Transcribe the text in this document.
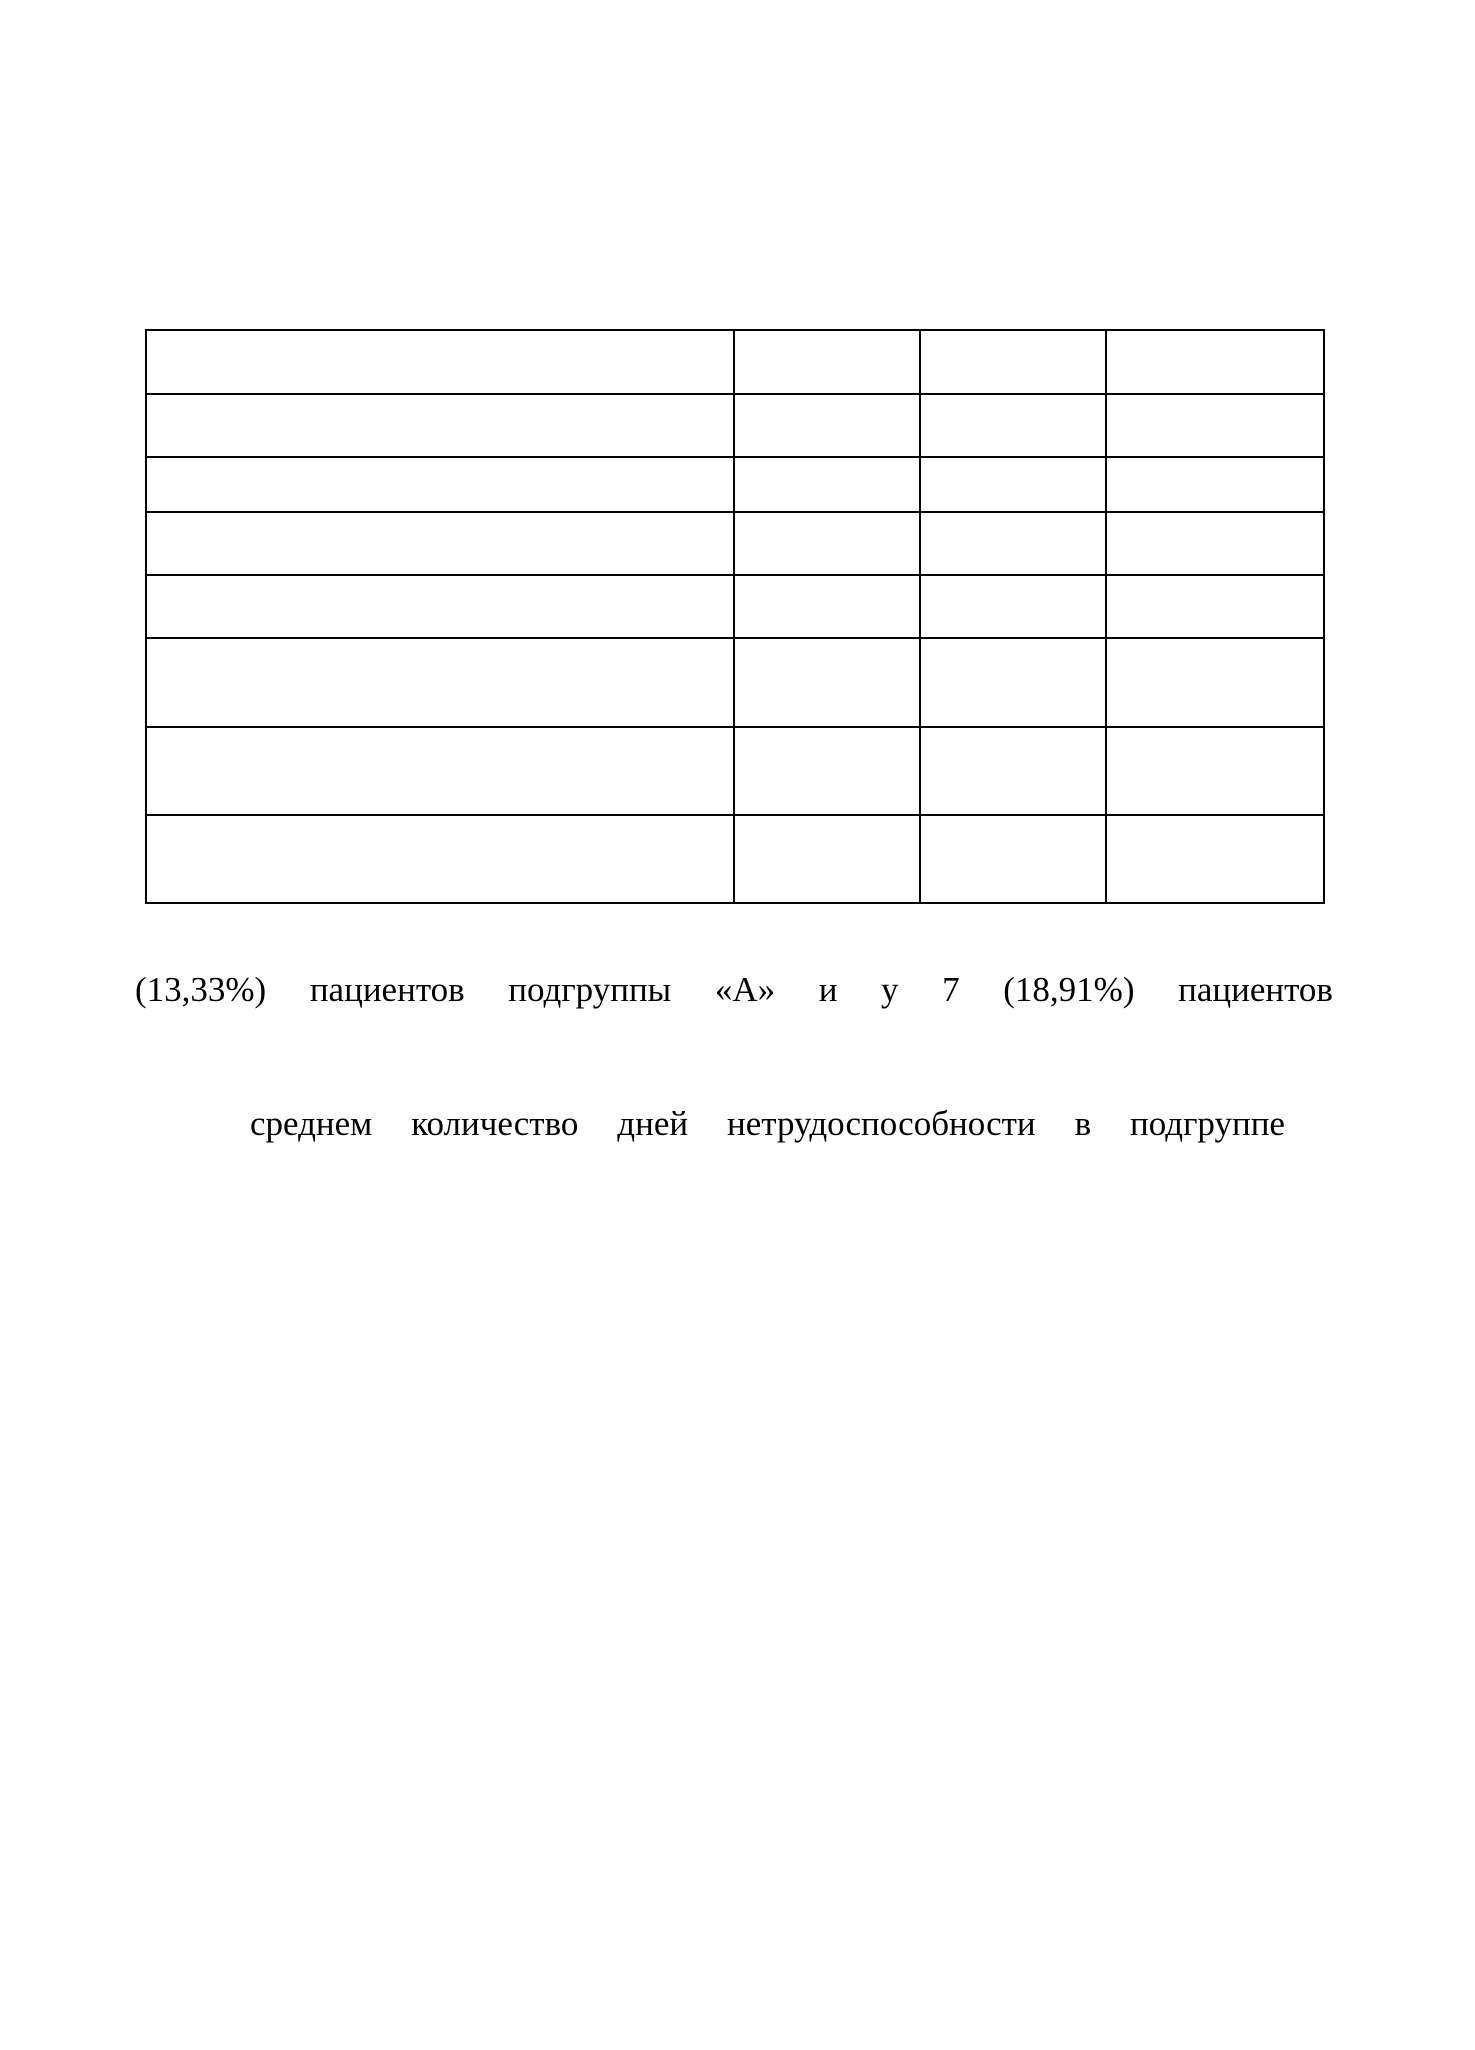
(13,33%) пациентов подгруппы «А» и у 7 (18,91%) пациентов
среднем количество дней нетрудоспособности в подгруппе
